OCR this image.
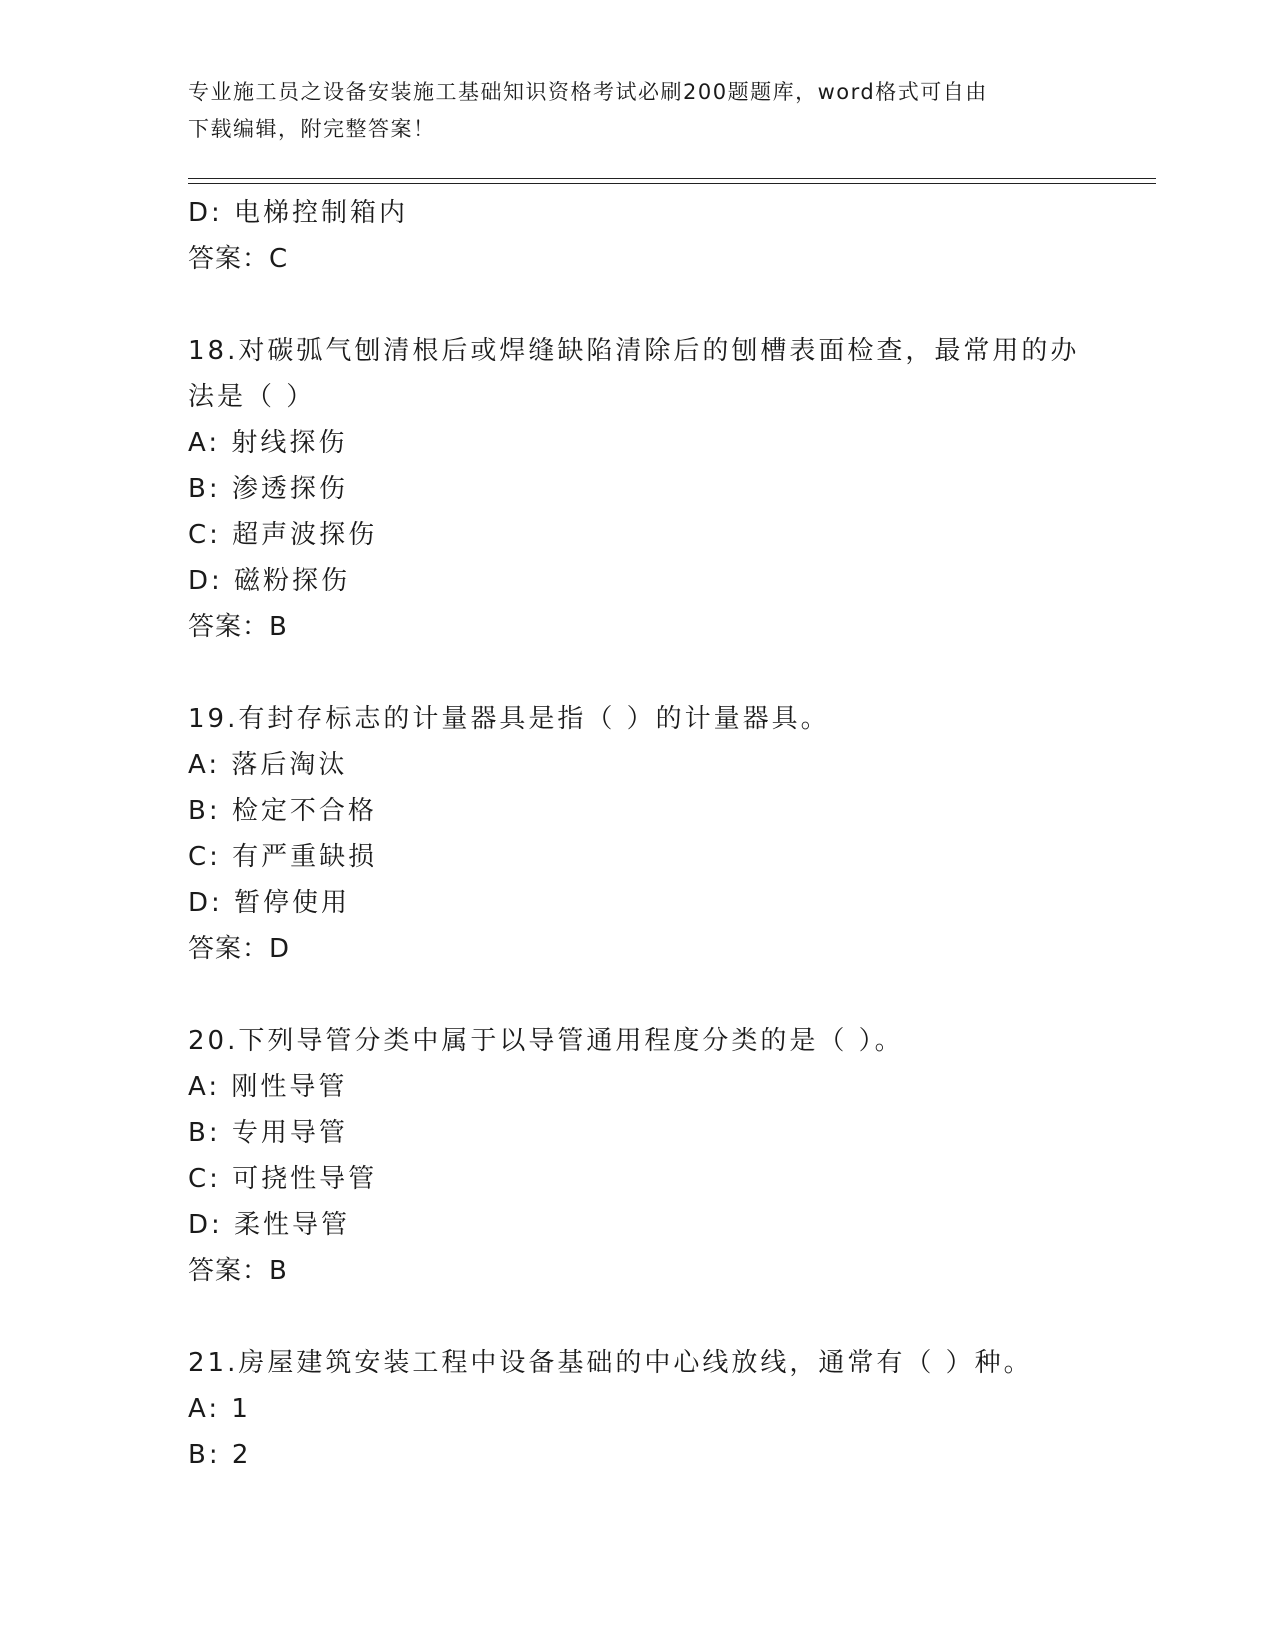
专业施工员之设备安装施工基础知识资格考试必刷200题题库，word格式可自由
下载编辑，附完整答案！
D: 电梯控制箱内
答案：C
18.对碳弧气刨清根后或焊缝缺陷清除后的刨槽表面检查，最常用的办
法是（ ）
A: 射线探伤
B: 渗透探伤
C: 超声波探伤
D: 磁粉探伤
答案：B
19.有封存标志的计量器具是指（ ）的计量器具。
A: 落后淘汰
B: 检定不合格
C: 有严重缺损
D: 暂停使用
答案：D
20.下列导管分类中属于以导管通用程度分类的是（ ）。
A: 刚性导管
B: 专用导管
C: 可挠性导管
D: 柔性导管
答案：B
21.房屋建筑安装工程中设备基础的中心线放线，通常有（ ）种。
A: 1
B: 2
